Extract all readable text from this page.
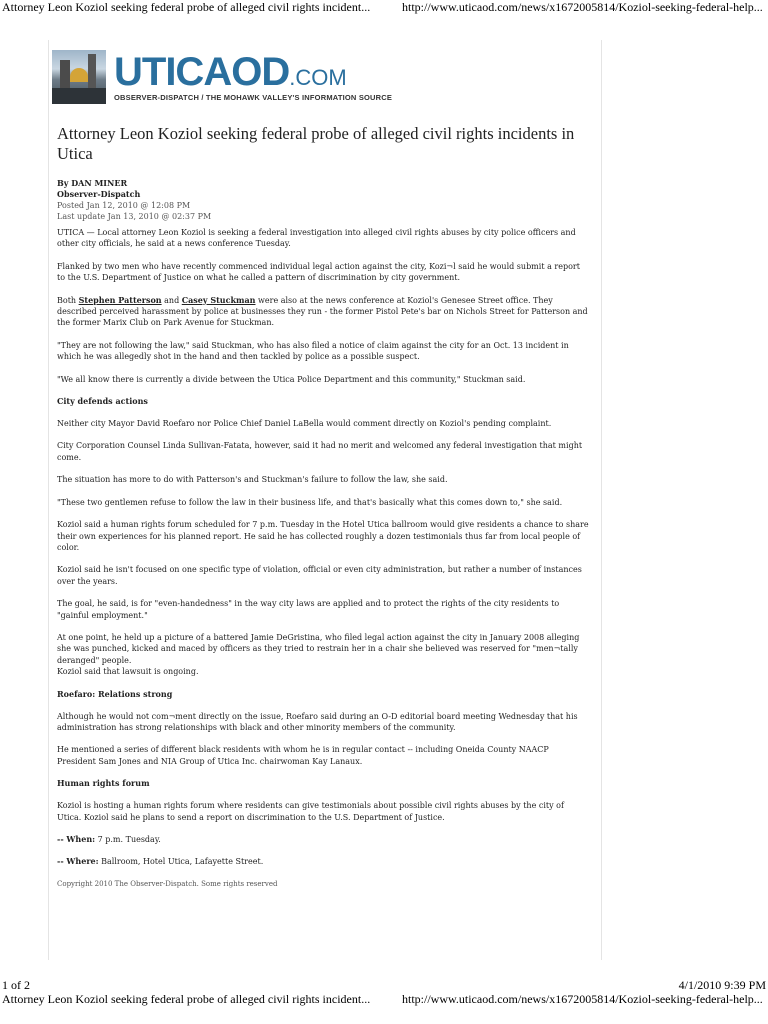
Attorney Leon Koziol seeking federal probe of alleged civil rights incident...	http://www.uticaod.com/news/x1672005814/Koziol-seeking-federal-help...
UTICAOD.COM
OBSERVER-DISPATCH / THE MOHAWK VALLEY'S INFORMATION SOURCE
Attorney Leon Koziol seeking federal probe of alleged civil rights incidents in Utica
By DAN MINER
Observer-Dispatch
Posted Jan 12, 2010 @ 12:08 PM
Last update Jan 13, 2010 @ 02:37 PM

UTICA — Local attorney Leon Koziol is seeking a federal investigation into alleged civil rights abuses by city police officers and other city officials, he said at a news conference Tuesday.

Flanked by two men who have recently commenced individual legal action against the city, Kozi¬l said he would submit a report to the U.S. Department of Justice on what he called a pattern of discrimination by city government.

Both Stephen Patterson and Casey Stuckman were also at the news conference at Koziol's Genesee Street office. They described perceived harassment by police at businesses they run - the former Pistol Pete's bar on Nichols Street for Patterson and the former Marix Club on Park Avenue for Stuckman.

"They are not following the law," said Stuckman, who has also filed a notice of claim against the city for an Oct. 13 incident in which he was allegedly shot in the hand and then tackled by police as a possible suspect.

"We all know there is currently a divide between the Utica Police Department and this community," Stuckman said.

City defends actions

Neither city Mayor David Roefaro nor Police Chief Daniel LaBella would comment directly on Koziol's pending complaint.

City Corporation Counsel Linda Sullivan-Fatata, however, said it had no merit and welcomed any federal investigation that might come.

The situation has more to do with Patterson's and Stuckman's failure to follow the law, she said.

"These two gentlemen refuse to follow the law in their business life, and that's basically what this comes down to," she said.

Koziol said a human rights forum scheduled for 7 p.m. Tuesday in the Hotel Utica ballroom would give residents a chance to share their own experiences for his planned report. He said he has collected roughly a dozen testimonials thus far from local people of color.

Koziol said he isn't focused on one specific type of violation, official or even city administration, but rather a number of instances over the years.

The goal, he said, is for "even-handedness" in the way city laws are applied and to protect the rights of the city residents to "gainful employment."

At one point, he held up a picture of a battered Jamie DeGristina, who filed legal action against the city in January 2008 alleging she was punched, kicked and maced by officers as they tried to restrain her in a chair she believed was reserved for "men¬tally deranged" people.
Koziol said that lawsuit is ongoing.

Roefaro: Relations strong

Although he would not com¬ment directly on the issue, Roefaro said during an O-D editorial board meeting Wednesday that his administration has strong relationships with black and other minority members of the community.

He mentioned a series of different black residents with whom he is in regular contact -- including Oneida County NAACP President Sam Jones and NIA Group of Utica Inc. chairwoman Kay Lanaux.

Human rights forum

Koziol is hosting a human rights forum where residents can give testimonials about possible civil rights abuses by the city of Utica. Koziol said he plans to send a report on discrimination to the U.S. Department of Justice.

-- When: 7 p.m. Tuesday.

-- Where: Ballroom, Hotel Utica, Lafayette Street.

Copyright 2010 The Observer-Dispatch. Some rights reserved
1 of 2	4/1/2010 9:39 PM
Attorney Leon Koziol seeking federal probe of alleged civil rights incident...	http://www.uticaod.com/news/x1672005814/Koziol-seeking-federal-help...
